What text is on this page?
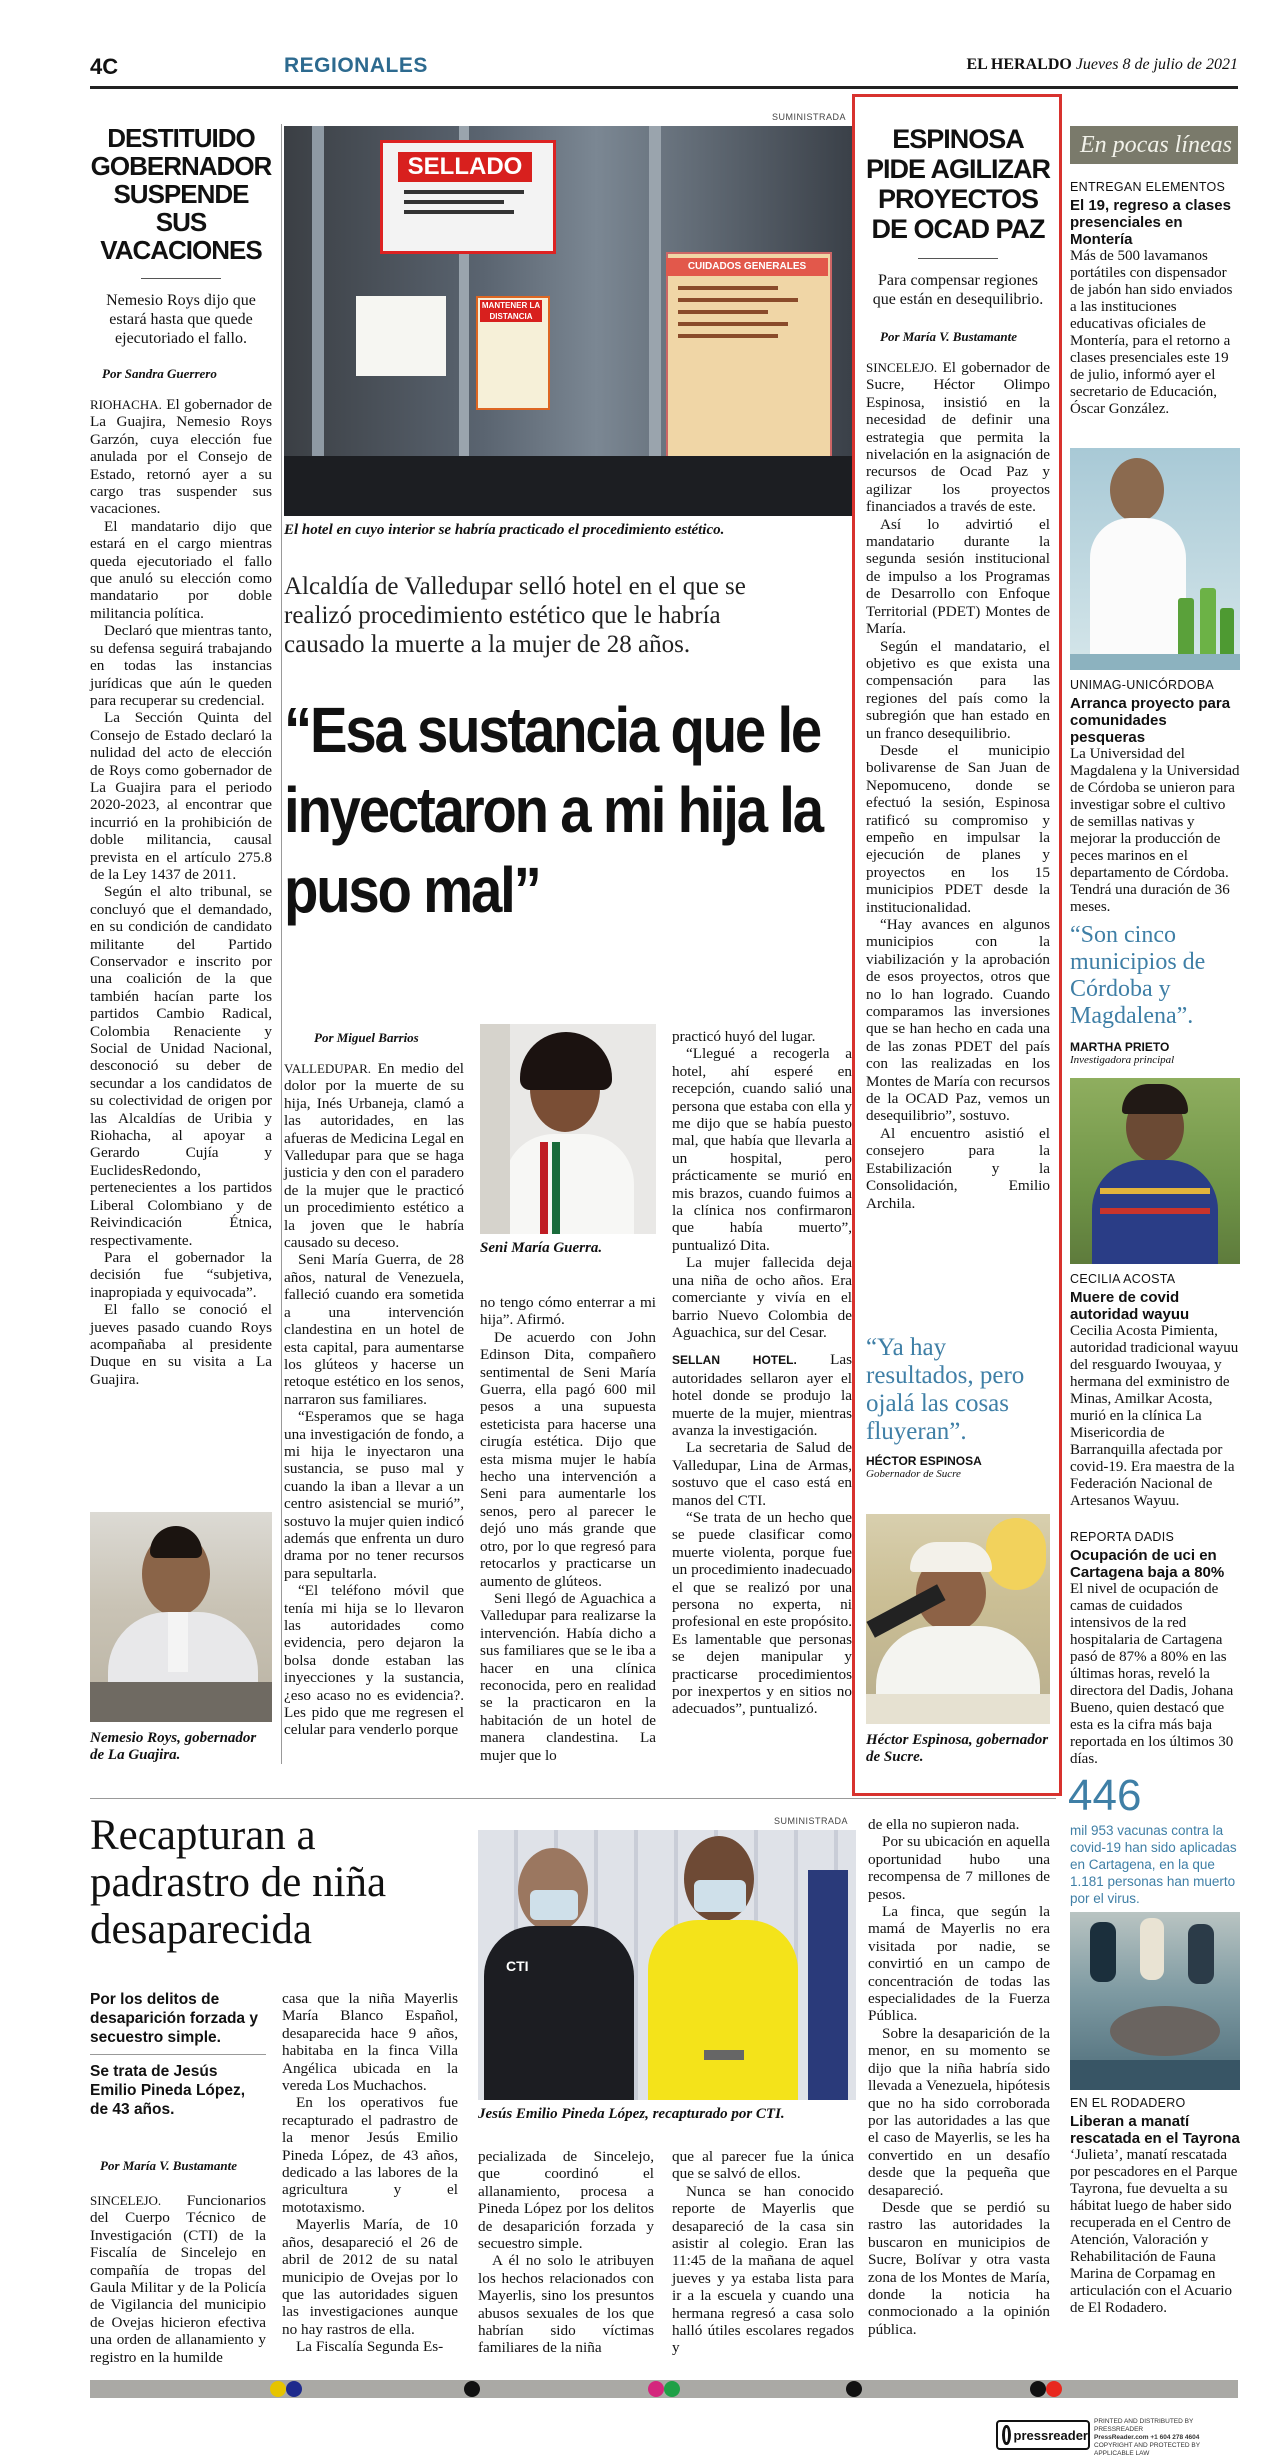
4C	REGIONALES	EL HERALDO Jueves 8 de julio de 2021
DESTITUIDO GOBERNADOR SUSPENDE SUS VACACIONES
Nemesio Roys dijo que estará hasta que quede ejecutoriado el fallo.
Por Sandra Guerrero

RIOHACHA. El gobernador de La Guajira, Nemesio Roys Garzón, cuya elección fue anulada por el Consejo de Estado, retornó ayer a su cargo tras suspender sus vacaciones.

El mandatario dijo que estará en el cargo mientras queda ejecutoriado el fallo que anuló su elección como mandatario por doble militancia política.

Declaró que mientras tanto, su defensa seguirá trabajando en todas las instancias jurídicas que aún le queden para recuperar su credencial.

La Sección Quinta del Consejo de Estado declaró la nulidad del acto de elección de Roys como gobernador de La Guajira para el periodo 2020-2023, al encontrar que incurrió en la prohibición de doble militancia, causal prevista en el artículo 275.8 de la Ley 1437 de 2011.

Según el alto tribunal, se concluyó que el demandado, en su condición de candidato militante del Partido Conservador e inscrito por una coalición de la que también hacían parte los partidos Cambio Radical, Colombia Renaciente y Social de Unidad Nacional, desconoció su deber de secundar a los candidatos de su colectividad de origen por las Alcaldías de Uribia y Riohacha, al apoyar a Gerardo Cujía y EuclidesRedondo, pertenecientes a los partidos Liberal Colombiano y de Reivindicación Étnica, respectivamente.

Para el gobernador la decisión fue “subjetiva, inapropiada y equivocada”.

El fallo se conoció el jueves pasado cuando Roys acompañaba al presidente Duque en su visita a La Guajira.

Nemesio Roys, gobernador de La Guajira.
SUMINISTRADA
SELLADO
MANTENER LA DISTANCIA
CUIDADOS GENERALES
El hotel en cuyo interior se habría practicado el procedimiento estético.
Alcaldía de Valledupar selló hotel en el que se realizó procedimiento estético que le habría causado la muerte a la mujer de 28 años.
“Esa sustancia que le inyectaron a mi hija la puso mal”
Por Miguel Barrios

VALLEDUPAR. En medio del dolor por la muerte de su hija, Inés Urbaneja, clamó a las autoridades, en las afueras de Medicina Legal en Valledupar para que se haga justicia y den con el paradero de la mujer que le practicó un procedimiento estético a la joven que le habría causado su deceso.

Seni María Guerra, de 28 años, natural de Venezuela, falleció cuando era sometida a una intervención clandestina en un hotel de esta capital, para aumentarse los glúteos y hacerse un retoque estético en los senos, narraron sus familiares.

“Esperamos que se haga una investigación de fondo, a mi hija le inyectaron una sustancia, se puso mal y cuando la iban a llevar a un centro asistencial se murió”, sostuvo la mujer quien indicó además que enfrenta un duro drama por no tener recursos para sepultarla.

“El teléfono móvil que tenía mi hija se lo llevaron las autoridades como evidencia, pero dejaron la bolsa donde estaban las inyecciones y la sustancia, ¿eso acaso no es evidencia?. Les pido que me regresen el celular para venderlo porque

Seni María Guerra.

no tengo cómo enterrar a mi hija”. Afirmó.

De acuerdo con John Edinson Dita, compañero sentimental de Seni María Guerra, ella pagó 600 mil pesos a una supuesta esteticista para hacerse una cirugía estética. Dijo que esta misma mujer le había hecho una intervención a Seni para aumentarle los senos, pero al parecer le dejó uno más grande que otro, por lo que regresó para retocarlos y practicarse un aumento de glúteos.

Seni llegó de Aguachica a Valledupar para realizarse la intervención. Había dicho a sus familiares que se le iba a hacer en una clínica reconocida, pero en realidad se la practicaron en la habitación de un hotel de manera clandestina. La mujer que lo

practicó huyó del lugar.

“Llegué a recogerla a hotel, ahí esperé en recepción, cuando salió una persona que estaba con ella y me dijo que se había puesto mal, que había que llevarla a un hospital, pero prácticamente se murió en mis brazos, cuando fuimos a la clínica nos confirmaron que había muerto”, puntualizó Dita.

La mujer fallecida deja una niña de ocho años. Era comerciante y vivía en el barrio Nuevo Colombia de Aguachica, sur del Cesar.

SELLAN HOTEL. Las autoridades sellaron ayer el hotel donde se produjo la muerte de la mujer, mientras avanza la investigación.

La secretaria de Salud de Valledupar, Lina de Armas, sostuvo que el caso está en manos del CTI.

“Se trata de un hecho que se puede clasificar como muerte violenta, porque fue un procedimiento inadecuado el que se realizó por una persona no experta, ni profesional en este propósito. Es lamentable que personas se dejen manipular y practicarse procedimientos por inexpertos y en sitios no adecuados”, puntualizó.

ESPINOSA PIDE AGILIZAR PROYECTOS DE OCAD PAZ
Para compensar regiones que están en desequilibrio.
Por María V. Bustamante

SINCELEJO. El gobernador de Sucre, Héctor Olimpo Espinosa, insistió en la necesidad de definir una estrategia que permita la nivelación en la asignación de recursos de Ocad Paz y agilizar los proyectos financiados a través de este.

Así lo advirtió el mandatario durante la segunda sesión institucional de impulso a los Programas de Desarrollo con Enfoque Territorial (PDET) Montes de María.

Según el mandatario, el objetivo es que exista una compensación para las regiones del país como la subregión que han estado en un franco desequilibrio.

Desde el municipio bolivarense de San Juan de Nepomuceno, donde se efectuó la sesión, Espinosa ratificó su compromiso y empeño en impulsar la ejecución de planes y proyectos en los 15 municipios PDET desde la institucionalidad.

“Hay avances en algunos municipios con la viabilización y la aprobación de esos proyectos, otros que no lo han logrado. Cuando comparamos las inversiones que se han hecho en cada una de las zonas PDET del país con las realizadas en los Montes de María con recursos de la OCAD Paz, vemos un desequilibrio”, sostuvo.

Al encuentro asistió el consejero para la Estabilización y la Consolidación, Emilio Archila.

“Ya hay resultados, pero ojalá las cosas fluyeran”.
HÉCTOR ESPINOSA
Gobernador de Sucre
Héctor Espinosa, gobernador de Sucre.
En pocas líneas
ENTREGAN ELEMENTOS
El 19, regreso a clases presenciales en Montería
Más de 500 lavamanos portátiles con dispensador de jabón han sido enviados a las instituciones educativas oficiales de Montería, para el retorno a clases presenciales este 19 de julio, informó ayer el secretario de Educación, Óscar González.
UNIMAG-UNICÓRDOBA
Arranca proyecto para comunidades pesqueras
La Universidad del Magdalena y la Universidad de Córdoba se unieron para investigar sobre el cultivo de semillas nativas y mejorar la producción de peces marinos en el departamento de Córdoba. Tendrá una duración de 36 meses.
“Son cinco municipios de Córdoba y Magdalena”.
MARTHA PRIETO
Investigadora principal
CECILIA ACOSTA
Muere de covid autoridad wayuu
Cecilia Acosta Pimienta, autoridad tradicional wayuu del resguardo Iwouyaa, y hermana del exministro de Minas, Amilkar Acosta, murió en la clínica La Misericordia de Barranquilla afectada por covid-19. Era maestra de la Federación Nacional de Artesanos Wayuu.
REPORTA DADIS
Ocupación de uci en Cartagena baja a 80%
El nivel de ocupación de camas de cuidados intensivos de la red hospitalaria de Cartagena pasó de 87% a 80% en las últimas horas, reveló la directora del Dadis, Johana Bueno, quien destacó que esta es la cifra más baja reportada en los últimos 30 días.
446
mil 953 vacunas contra la covid-19 han sido aplicadas en Cartagena, en la que 1.181 personas han muerto por el virus.
EN EL RODADERO
Liberan a manatí rescatada en el Tayrona
‘Julieta’, manatí rescatada por pescadores en el Parque Tayrona, fue devuelta a su hábitat luego de haber sido recuperada en el Centro de Atención, Valoración y Rehabilitación de Fauna Marina de Corpamag en articulación con el Acuario de El Rodadero.
Recapturan a padrastro de niña desaparecida
Por los delitos de desaparición forzada y secuestro simple.
Se trata de Jesús Emilio Pineda López, de 43 años.
Por María V. Bustamante

SINCELEJO. Funcionarios del Cuerpo Técnico de Investigación (CTI) de la Fiscalía de Sincelejo en compañía de tropas del Gaula Militar y de la Policía de Vigilancia del municipio de Ovejas hicieron efectiva una orden de allanamiento y registro en la humilde

casa que la niña Mayerlis María Blanco Español, desaparecida hace 9 años, habitaba en la finca Villa Angélica ubicada en la vereda Los Muchachos.

En los operativos fue recapturado el padrastro de la menor Jesús Emilio Pineda López, de 43 años, dedicado a las labores de la agricultura y el mototaxismo.

Mayerlis María, de 10 años, desapareció el 26 de abril de 2012 de su natal municipio de Ovejas por lo que las autoridades siguen las investigaciones aunque no hay rastros de ella.

La Fiscalía Segunda Es-

SUMINISTRADA
CTI
Jesús Emilio Pineda López, recapturado por CTI.

pecializada de Sincelejo, que coordinó el allanamiento, procesa a Pineda López por los delitos de desaparición forzada y secuestro simple.

A él no solo le atribuyen los hechos relacionados con Mayerlis, sino los presuntos abusos sexuales de los que habrían sido víctimas familiares de la niña

que al parecer fue la única que se salvó de ellos.

Nunca se han conocido reporte de Mayerlis que desapareció de la casa sin asistir al colegio. Eran las 11:45 de la mañana de aquel jueves y ya estaba lista para ir a la escuela y cuando una hermana regresó a casa solo halló útiles escolares regados y

de ella no supieron nada.

Por su ubicación en aquella oportunidad hubo una recompensa de 7 millones de pesos.

La finca, que según la mamá de Mayerlis no era visitada por nadie, se convirtió en un campo de concentración de todas las especialidades de la Fuerza Pública.

Sobre la desaparición de la menor, en su momento se dijo que la niña habría sido llevada a Venezuela, hipótesis que no ha sido corroborada por las autoridades a las que el caso de Mayerlis, se les ha convertido en un desafío desde que la pequeña que desapareció.

Desde que se perdió su rastro las autoridades la buscaron en municipios de Sucre, Bolívar y otra vasta zona de los Montes de María, donde la noticia ha conmocionado a la opinión pública.

pressreader
PRINTED AND DISTRIBUTED BY PRESSREADER
PressReader.com +1 604 278 4604
COPYRIGHT AND PROTECTED BY APPLICABLE LAW
